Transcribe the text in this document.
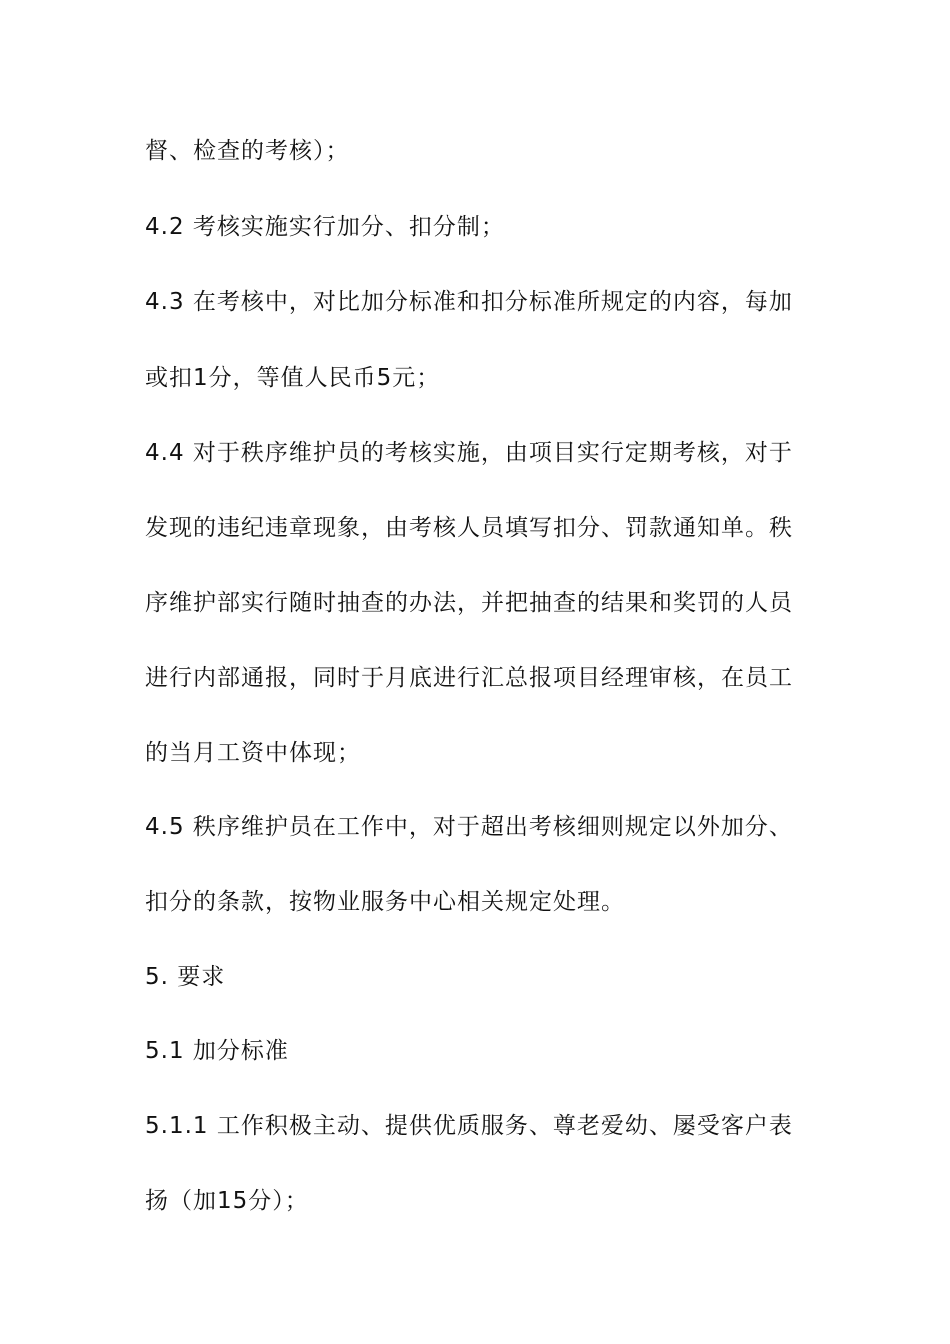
督、检查的考核）；
4.2 考核实施实行加分、扣分制；
4.3 在考核中，对比加分标准和扣分标准所规定的内容，每加
或扣1分，等值人民币5元；
4.4 对于秩序维护员的考核实施，由项目实行定期考核，对于
发现的违纪违章现象，由考核人员填写扣分、罚款通知单。秩
序维护部实行随时抽查的办法，并把抽查的结果和奖罚的人员
进行内部通报，同时于月底进行汇总报项目经理审核，在员工
的当月工资中体现；
4.5 秩序维护员在工作中，对于超出考核细则规定以外加分、
扣分的条款，按物业服务中心相关规定处理。
5. 要求
5.1 加分标准
5.1.1 工作积极主动、提供优质服务、尊老爱幼、屡受客户表
扬（加15分）；
